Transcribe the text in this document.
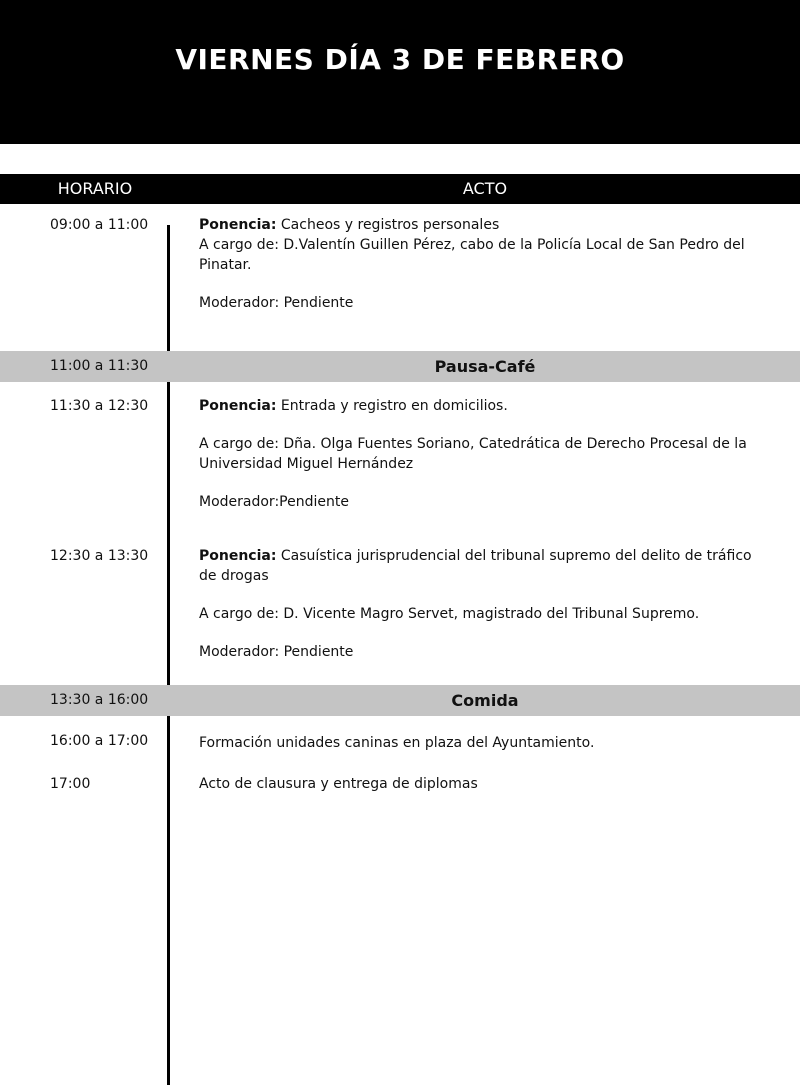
VIERNES DÍA 3 DE FEBRERO
HORARIO	ACTO
09:00 a 11:00	Ponencia: Cacheos y registros personales

A cargo de: D.Valentín Guillen Pérez, cabo de la Policía Local de San Pedro del Pinatar.

Moderador: Pendiente

11:00 a 11:30	Pausa-Café
11:30 a 12:30	Ponencia: Entrada y registro en domicilios.

A cargo de: Dña. Olga Fuentes Soriano, Catedrática de Derecho Procesal de la Universidad Miguel Hernández

Moderador:Pendiente

12:30 a 13:30	Ponencia: Casuística jurisprudencial del tribunal supremo del delito de tráfico de drogas

A cargo de: D. Vicente Magro Servet, magistrado del Tribunal Supremo.

Moderador: Pendiente

13:30 a 16:00	Comida
16:00 a 17:00	Formación unidades caninas en plaza del Ayuntamiento.
17:00	Acto de clausura y entrega de diplomas
